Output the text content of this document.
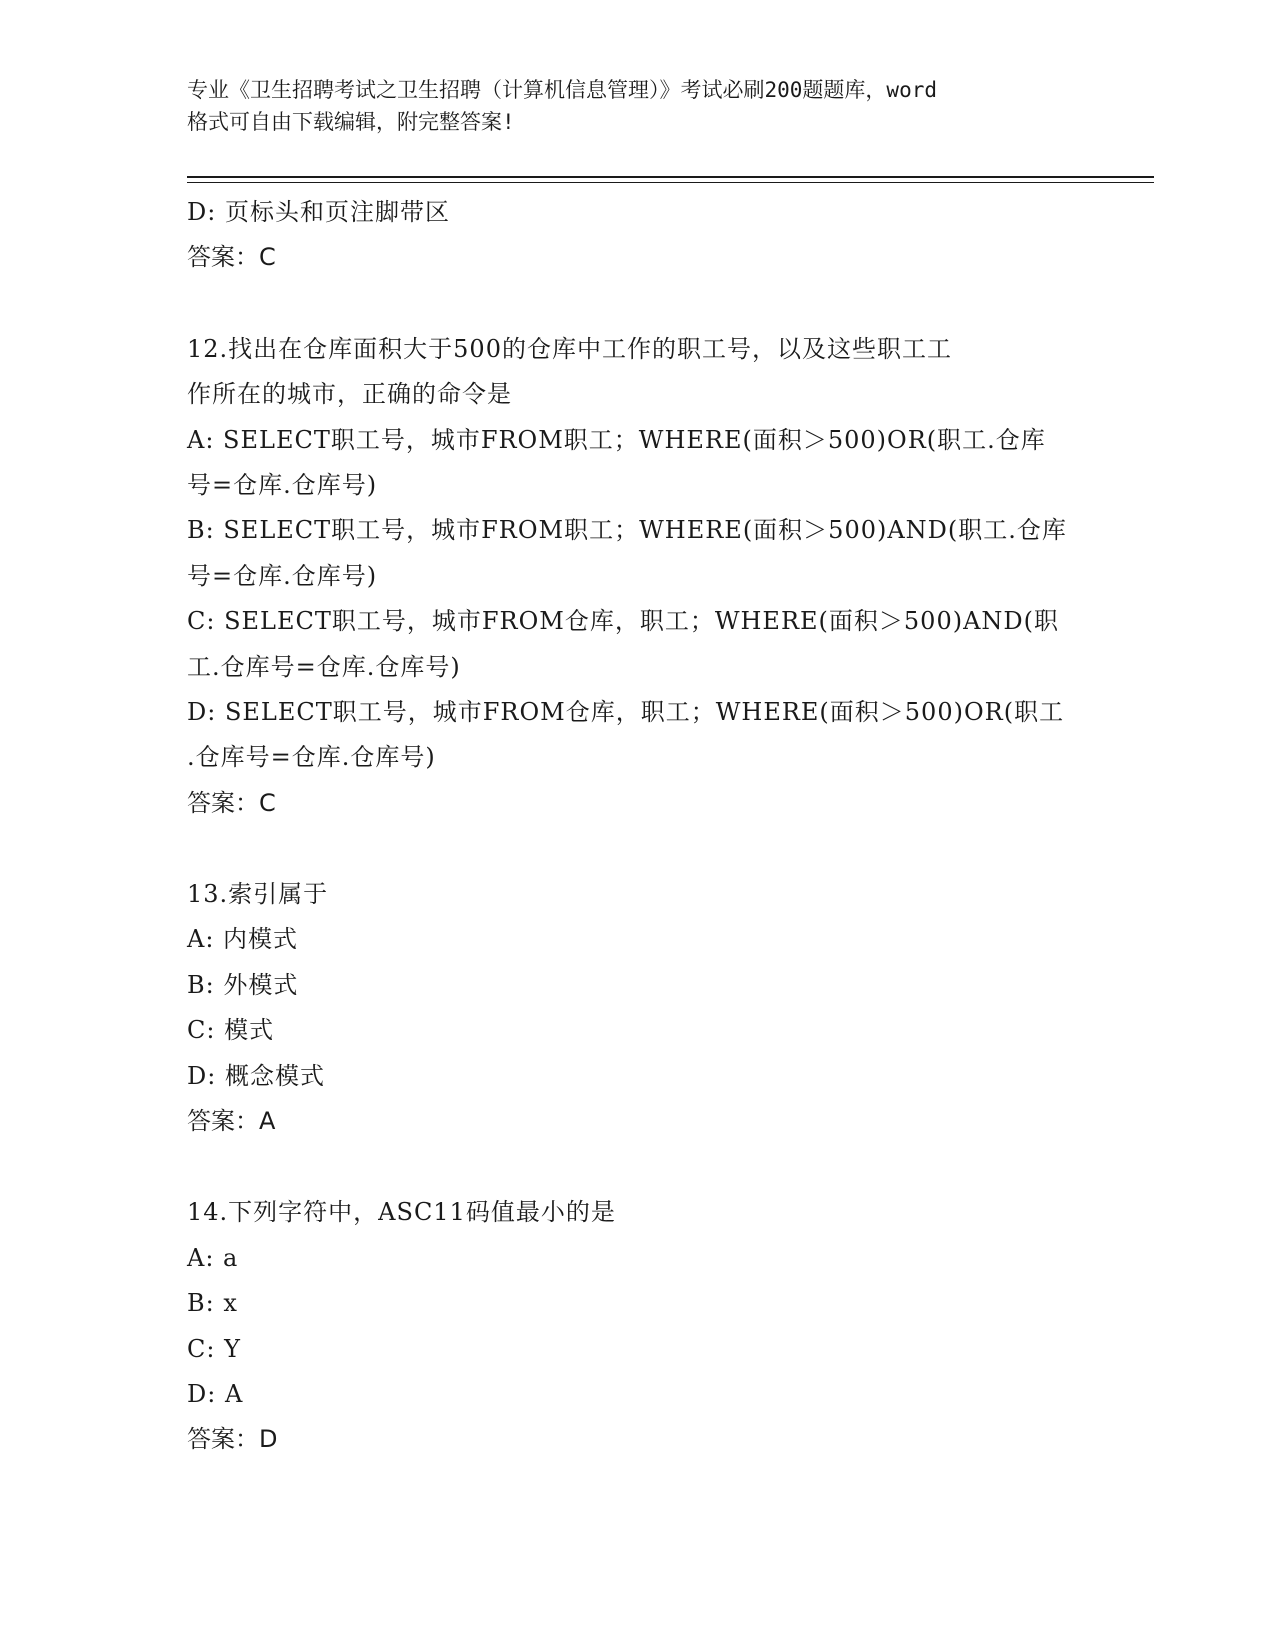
专业《卫生招聘考试之卫生招聘（计算机信息管理）》考试必刷200题题库，word
格式可自由下载编辑，附完整答案!
D: 页标头和页注脚带区
答案：C
12.找出在仓库面积大于500的仓库中工作的职工号，以及这些职工工
作所在的城市，正确的命令是
A: SELECT职工号，城市FROM职工；WHERE(面积＞500)OR(职工.仓库
号=仓库.仓库号)
B: SELECT职工号，城市FROM职工；WHERE(面积＞500)AND(职工.仓库
号=仓库.仓库号)
C: SELECT职工号，城市FROM仓库，职工；WHERE(面积＞500)AND(职
工.仓库号=仓库.仓库号)
D: SELECT职工号，城市FROM仓库，职工；WHERE(面积＞500)OR(职工
.仓库号=仓库.仓库号)
答案：C
13.索引属于
A: 内模式
B: 外模式
C: 模式
D: 概念模式
答案：A
14.下列字符中，ASC11码值最小的是
A: a
B: x
C: Y
D: A
答案：D
